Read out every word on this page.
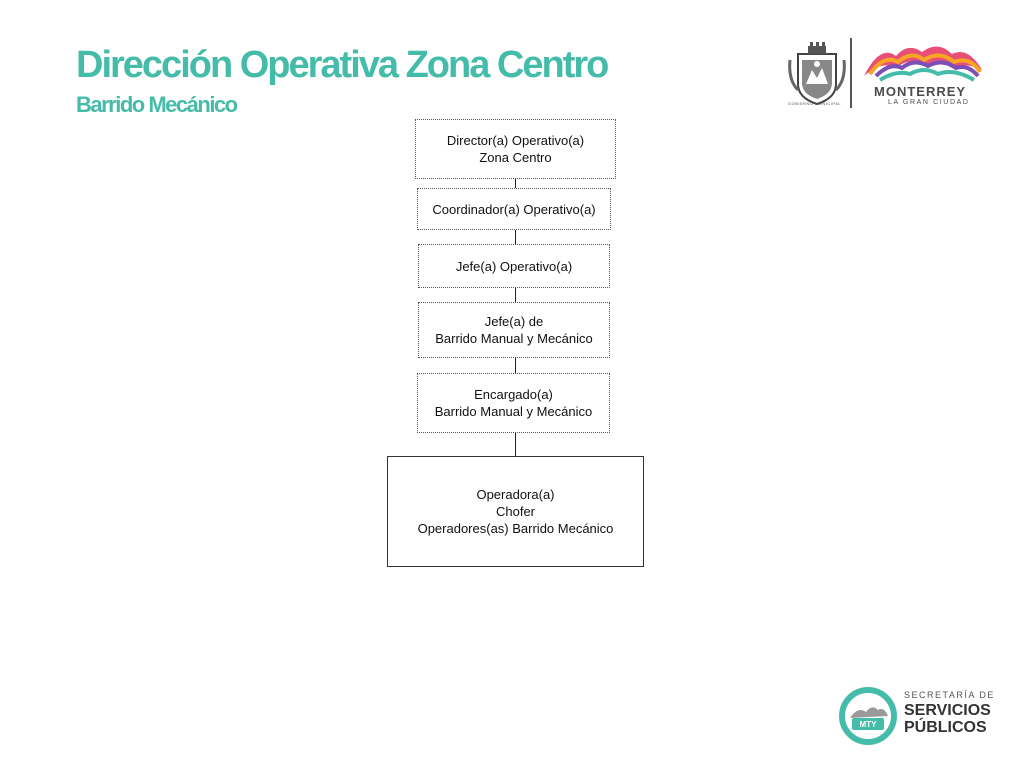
Dirección Operativa Zona Centro
Barrido Mecánico	GOBIERNO MUNICIPAL
MONTERREY
LA GRAN CIUDAD
Director(a) Operativo(a)
Zona Centro
Coordinador(a) Operativo(a)
Jefe(a) Operativo(a)
Jefe(a) de
Barrido Manual y Mecánico
Encargado(a)
Barrido Manual y Mecánico
Operadora(a)
Chofer
Operadores(as) Barrido Mecánico
MTY
SECRETARÍA DE
SERVICIOS
PÚBLICOS
